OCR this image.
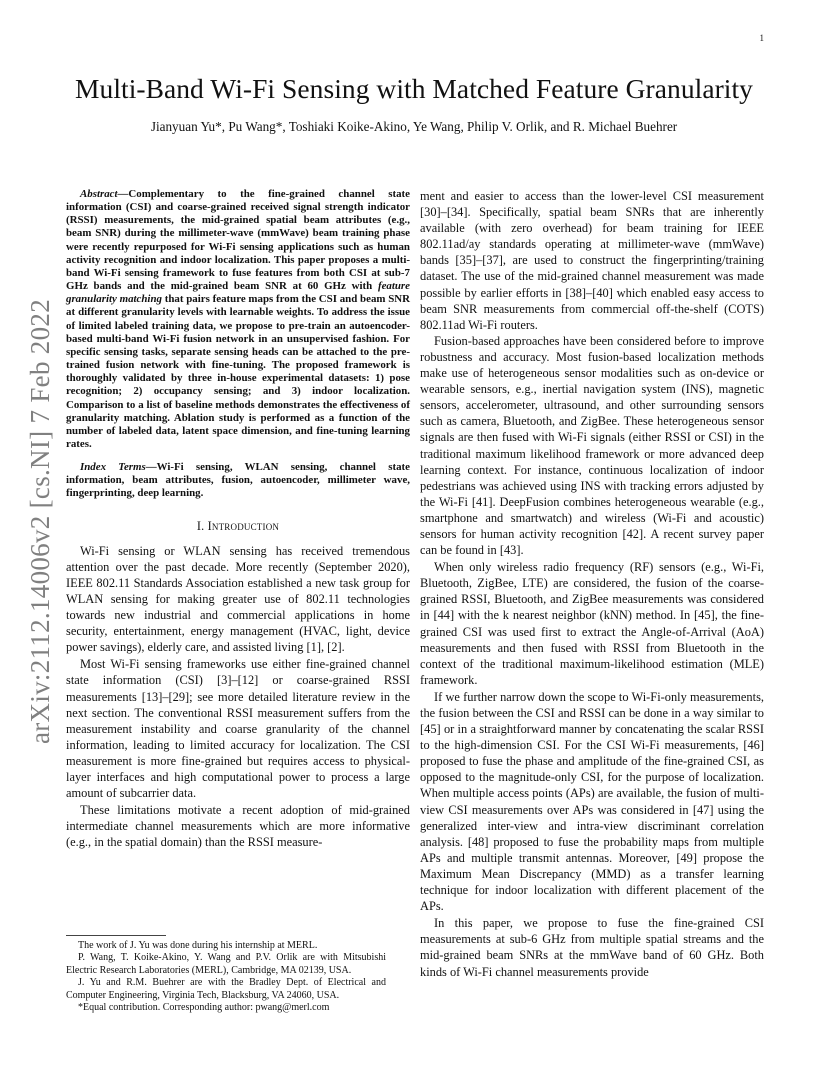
1
arXiv:2112.14006v2 [cs.NI] 7 Feb 2022
Multi-Band Wi-Fi Sensing with Matched Feature Granularity
Jianyuan Yu*, Pu Wang*, Toshiaki Koike-Akino, Ye Wang, Philip V. Orlik, and R. Michael Buehrer

Abstract—Complementary to the fine-grained channel state information (CSI) and coarse-grained received signal strength indicator (RSSI) measurements, the mid-grained spatial beam attributes (e.g., beam SNR) during the millimeter-wave (mmWave) beam training phase were recently repurposed for Wi-Fi sensing applications such as human activity recognition and indoor localization. This paper proposes a multi-band Wi-Fi sensing framework to fuse features from both CSI at sub-7 GHz bands and the mid-grained beam SNR at 60 GHz with feature granularity matching that pairs feature maps from the CSI and beam SNR at different granularity levels with learnable weights. To address the issue of limited labeled training data, we propose to pre-train an autoencoder-based multi-band Wi-Fi fusion network in an unsupervised fashion. For specific sensing tasks, separate sensing heads can be attached to the pre-trained fusion network with fine-tuning. The proposed framework is thoroughly validated by three in-house experimental datasets: 1) pose recognition; 2) occupancy sensing; and 3) indoor localization. Comparison to a list of baseline methods demonstrates the effectiveness of granularity matching. Ablation study is performed as a function of the number of labeled data, latent space dimension, and fine-tuning learning rates.

Index Terms—Wi-Fi sensing, WLAN sensing, channel state information, beam attributes, fusion, autoencoder, millimeter wave, fingerprinting, deep learning.

I. Introduction

Wi-Fi sensing or WLAN sensing has received tremendous attention over the past decade. More recently (September 2020), IEEE 802.11 Standards Association established a new task group for WLAN sensing for making greater use of 802.11 technologies towards new industrial and commercial applications in home security, entertainment, energy management (HVAC, light, device power savings), elderly care, and assisted living [1], [2].

Most Wi-Fi sensing frameworks use either fine-grained channel state information (CSI) [3]–[12] or coarse-grained RSSI measurements [13]–[29]; see more detailed literature review in the next section. The conventional RSSI measurement suffers from the measurement instability and coarse granularity of the channel information, leading to limited accuracy for localization. The CSI measurement is more fine-grained but requires access to physical-layer interfaces and high computational power to process a large amount of subcarrier data.

These limitations motivate a recent adoption of mid-grained intermediate channel measurements which are more informative (e.g., in the spatial domain) than the RSSI measure-

ment and easier to access than the lower-level CSI measurement [30]–[34]. Specifically, spatial beam SNRs that are inherently available (with zero overhead) for beam training for IEEE 802.11ad/ay standards operating at millimeter-wave (mmWave) bands [35]–[37], are used to construct the fingerprinting/training dataset. The use of the mid-grained channel measurement was made possible by earlier efforts in [38]–[40] which enabled easy access to beam SNR measurements from commercial off-the-shelf (COTS) 802.11ad Wi-Fi routers.

Fusion-based approaches have been considered before to improve robustness and accuracy. Most fusion-based localization methods make use of heterogeneous sensor modalities such as on-device or wearable sensors, e.g., inertial navigation system (INS), magnetic sensors, accelerometer, ultrasound, and other surrounding sensors such as camera, Bluetooth, and ZigBee. These heterogeneous sensor signals are then fused with Wi-Fi signals (either RSSI or CSI) in the traditional maximum likelihood framework or more advanced deep learning context. For instance, continuous localization of indoor pedestrians was achieved using INS with tracking errors adjusted by the Wi-Fi [41]. DeepFusion combines heterogeneous wearable (e.g., smartphone and smartwatch) and wireless (Wi-Fi and acoustic) sensors for human activity recognition [42]. A recent survey paper can be found in [43].

When only wireless radio frequency (RF) sensors (e.g., Wi-Fi, Bluetooth, ZigBee, LTE) are considered, the fusion of the coarse-grained RSSI, Bluetooth, and ZigBee measurements was considered in [44] with the k nearest neighbor (kNN) method. In [45], the fine-grained CSI was used first to extract the Angle-of-Arrival (AoA) measurements and then fused with RSSI from Bluetooth in the context of the traditional maximum-likelihood estimation (MLE) framework.

If we further narrow down the scope to Wi-Fi-only measurements, the fusion between the CSI and RSSI can be done in a way similar to [45] or in a straightforward manner by concatenating the scalar RSSI to the high-dimension CSI. For the CSI Wi-Fi measurements, [46] proposed to fuse the phase and amplitude of the fine-grained CSI, as opposed to the magnitude-only CSI, for the purpose of localization. When multiple access points (APs) are available, the fusion of multi-view CSI measurements over APs was considered in [47] using the generalized inter-view and intra-view discriminant correlation analysis. [48] proposed to fuse the probability maps from multiple APs and multiple transmit antennas. Moreover, [49] propose the Maximum Mean Discrepancy (MMD) as a transfer learning technique for indoor localization with different placement of the APs.

In this paper, we propose to fuse the fine-grained CSI measurements at sub-6 GHz from multiple spatial streams and the mid-grained beam SNRs at the mmWave band of 60 GHz. Both kinds of Wi-Fi channel measurements provide

The work of J. Yu was done during his internship at MERL.

P. Wang, T. Koike-Akino, Y. Wang and P.V. Orlik are with Mitsubishi Electric Research Laboratories (MERL), Cambridge, MA 02139, USA.

J. Yu and R.M. Buehrer are with the Bradley Dept. of Electrical and Computer Engineering, Virginia Tech, Blacksburg, VA 24060, USA.

*Equal contribution. Corresponding author: pwang@merl.com
